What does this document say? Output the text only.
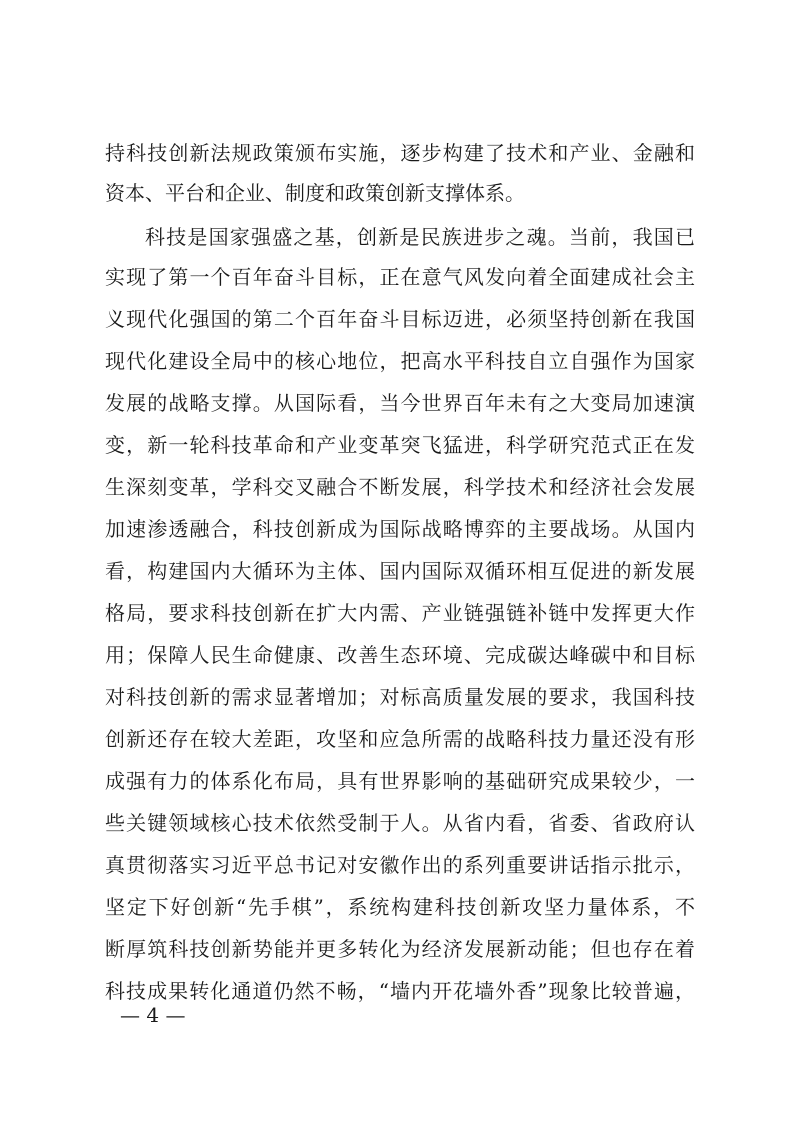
持科技创新法规政策颁布实施，逐步构建了技术和产业、金融和
资本、平台和企业、制度和政策创新支撑体系。
科技是国家强盛之基，创新是民族进步之魂。当前，我国已
实现了第一个百年奋斗目标，正在意气风发向着全面建成社会主
义现代化强国的第二个百年奋斗目标迈进，必须坚持创新在我国
现代化建设全局中的核心地位，把高水平科技自立自强作为国家
发展的战略支撑。从国际看，当今世界百年未有之大变局加速演
变，新一轮科技革命和产业变革突飞猛进，科学研究范式正在发
生深刻变革，学科交叉融合不断发展，科学技术和经济社会发展
加速渗透融合，科技创新成为国际战略博弈的主要战场。从国内
看，构建国内大循环为主体、国内国际双循环相互促进的新发展
格局，要求科技创新在扩大内需、产业链强链补链中发挥更大作
用；保障人民生命健康、改善生态环境、完成碳达峰碳中和目标
对科技创新的需求显著增加；对标高质量发展的要求，我国科技
创新还存在较大差距，攻坚和应急所需的战略科技力量还没有形
成强有力的体系化布局，具有世界影响的基础研究成果较少，一
些关键领域核心技术依然受制于人。从省内看，省委、省政府认
真贯彻落实习近平总书记对安徽作出的系列重要讲话指示批示，
坚定下好创新“先手棋”，系统构建科技创新攻坚力量体系，不
断厚筑科技创新势能并更多转化为经济发展新动能；但也存在着
科技成果转化通道仍然不畅，“墙内开花墙外香”现象比较普遍，
— 4 —
